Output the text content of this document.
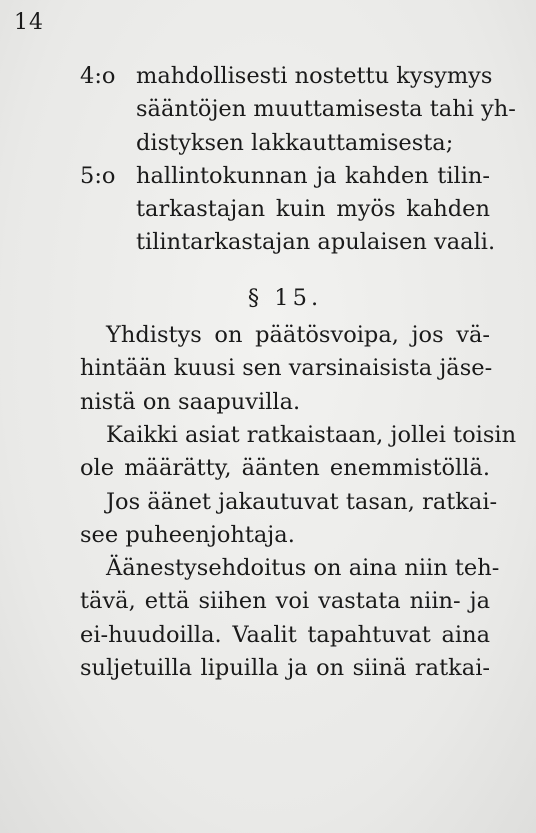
14
4:o mahdollisesti nostettu kysymys
sääntöjen muuttamisesta tahi yh-
distyksen lakkauttamisesta;
5:o hallintokunnan ja kahden tilin-
tarkastajan kuin myös kahden
tilintarkastajan apulaisen vaali.
§ 15.
Yhdistys on päätösvoipa, jos vä-
hintään kuusi sen varsinaisista jäse-
nistä on saapuvilla.
Kaikki asiat ratkaistaan, jollei toisin
ole määrätty, äänten enemmistöllä.
Jos äänet jakautuvat tasan, ratkai-
see puheenjohtaja.
Äänestysehdoitus on aina niin teh-
tävä, että siihen voi vastata niin- ja
ei-huudoilla. Vaalit tapahtuvat aina
suljetuilla lipuilla ja on siinä ratkai-
